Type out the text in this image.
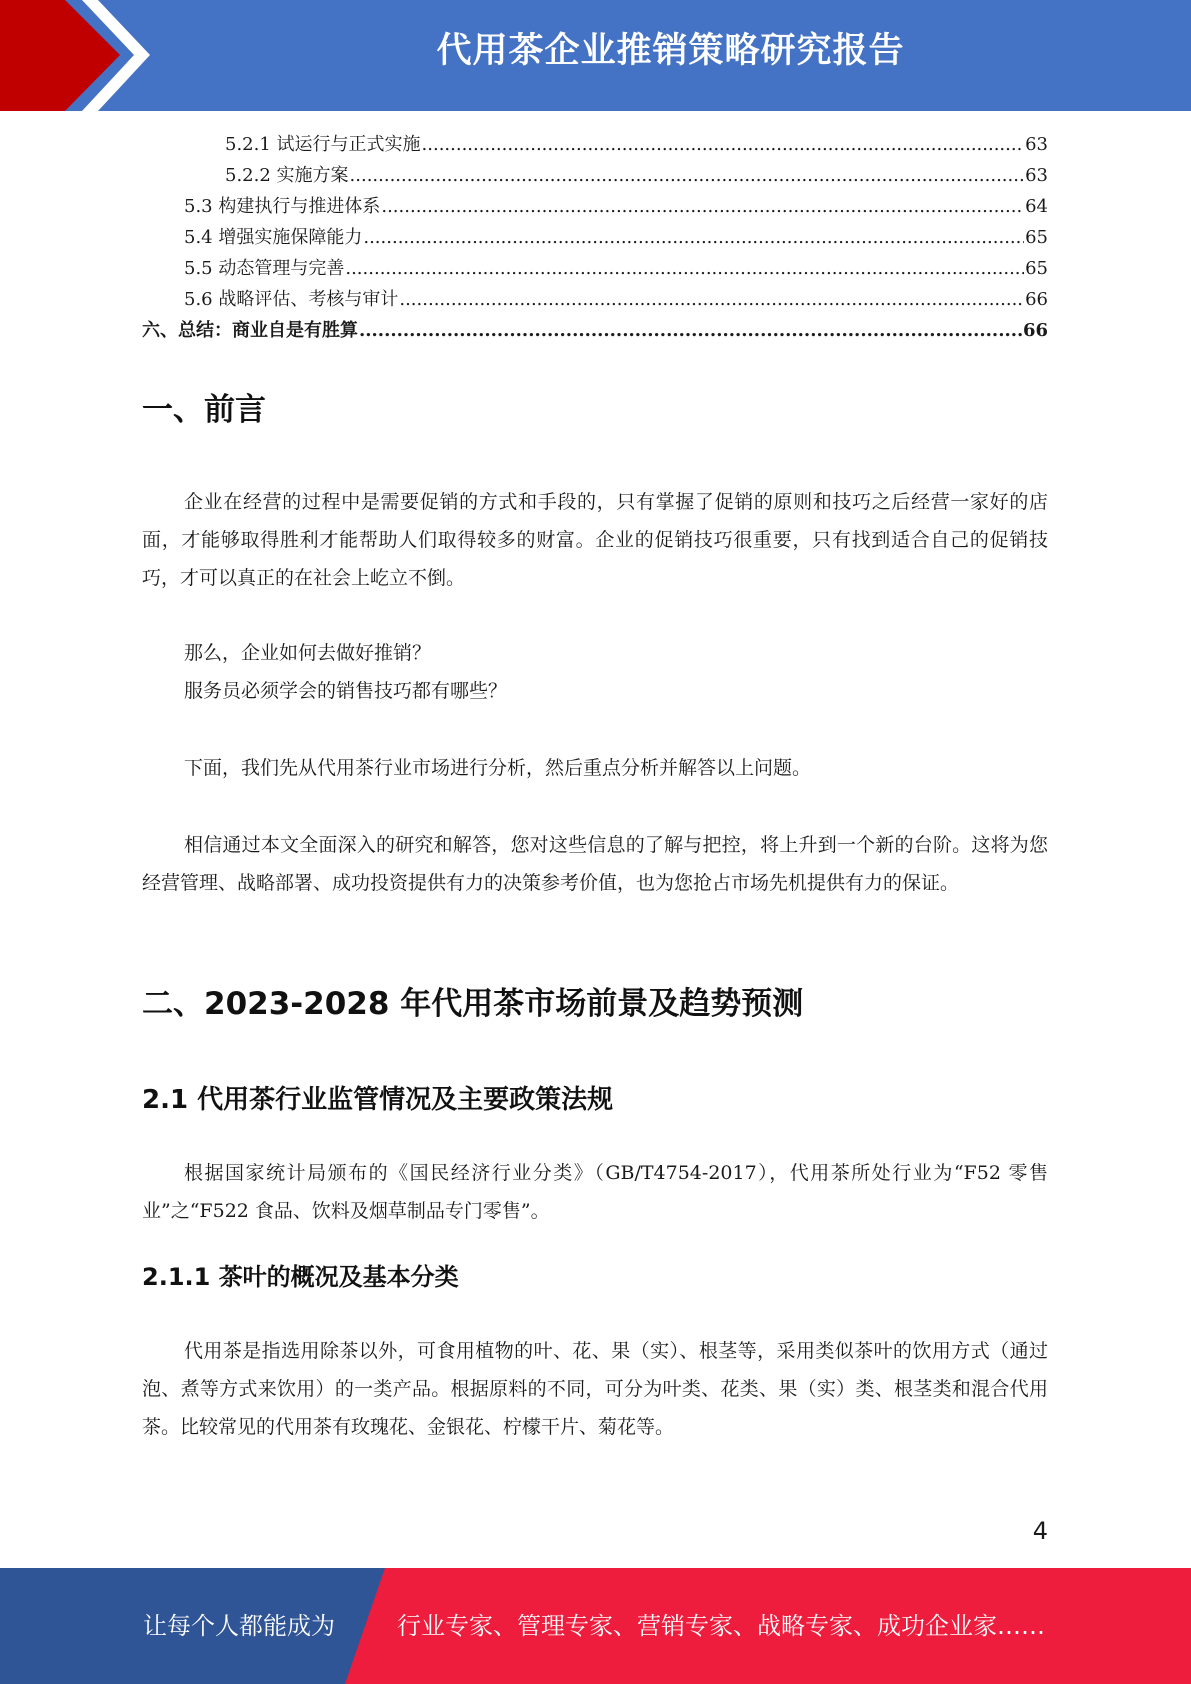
代用茶企业推销策略研究报告
5.2.1 试运行与正式实施 .....	63
5.2.2 实施方案 .....	63
5.3 构建执行与推进体系 .....	64
5.4 增强实施保障能力 .....	65
5.5 动态管理与完善 .....	65
5.6 战略评估、考核与审计 .....	66
六、总结：商业自是有胜算 .....	66
一、前言

企业在经营的过程中是需要促销的方式和手段的，只有掌握了促销的原则和技巧之后经营一家好的店面，才能够取得胜利才能帮助人们取得较多的财富。企业的促销技巧很重要，只有找到适合自己的促销技巧，才可以真正的在社会上屹立不倒。

那么，企业如何去做好推销？

服务员必须学会的销售技巧都有哪些？

下面，我们先从代用茶行业市场进行分析，然后重点分析并解答以上问题。

相信通过本文全面深入的研究和解答，您对这些信息的了解与把控，将上升到一个新的台阶。这将为您经营管理、战略部署、成功投资提供有力的决策参考价值，也为您抢占市场先机提供有力的保证。

二、2023-2028 年代用茶市场前景及趋势预测
2.1 代用茶行业监管情况及主要政策法规

根据国家统计局颁布的《国民经济行业分类》（GB/T4754-2017），代用茶所处行业为“F52 零售业”之“F522 食品、饮料及烟草制品专门零售”。

2.1.1 茶叶的概况及基本分类

代用茶是指选用除茶以外，可食用植物的叶、花、果（实）、根茎等，采用类似茶叶的饮用方式（通过泡、煮等方式来饮用）的一类产品。根据原料的不同，可分为叶类、花类、果（实）类、根茎类和混合代用茶。比较常见的代用茶有玫瑰花、金银花、柠檬干片、菊花等。

4
让每个人都能成为	行业专家、管理专家、营销专家、战略专家、成功企业家……
